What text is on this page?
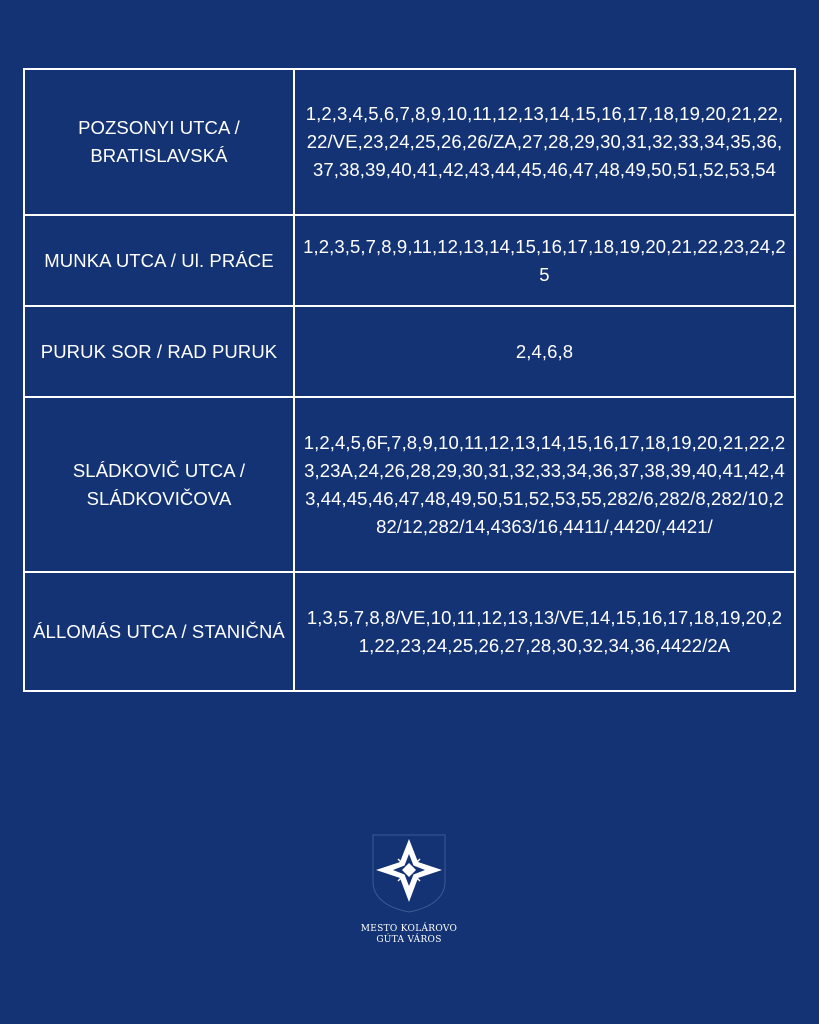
POZSONYI UTCA / BRATISLAVSKÁ	1,2,3,4,5,6,7,8,9,10,11,12,13,14,15,16,17,18,19,20,21,22,22/VE,23,24,25,26,26/ZA,27,28,29,30,31,32,33,34,35,36,37,38,39,40,41,42,43,44,45,46,47,48,49,50,51,52,53,54
MUNKA UTCA / Ul. PRÁCE	1,2,3,5,7,8,9,11,12,13,14,15,16,17,18,19,20,21,22,23,24,25
PURUK SOR / RAD PURUK	2,4,6,8
SLÁDKOVIČ UTCA / SLÁDKOVIČOVA	1,2,4,5,6F,7,8,9,10,11,12,13,14,15,16,17,18,19,20,21,22,23,23A,24,26,28,29,30,31,32,33,34,36,37,38,39,40,41,42,43,44,45,46,47,48,49,50,51,52,53,55,282/6,282/8,282/10,282/12,282/14,4363/16,4411/,4420/,4421/
ÁLLOMÁS UTCA / STANIČNÁ	1,3,5,7,8,8/VE,10,11,12,13,13/VE,14,15,16,17,18,19,20,21,22,23,24,25,26,27,28,30,32,34,36,4422/2A
MESTO KOLÁROVO
GÚTA VÁROS
